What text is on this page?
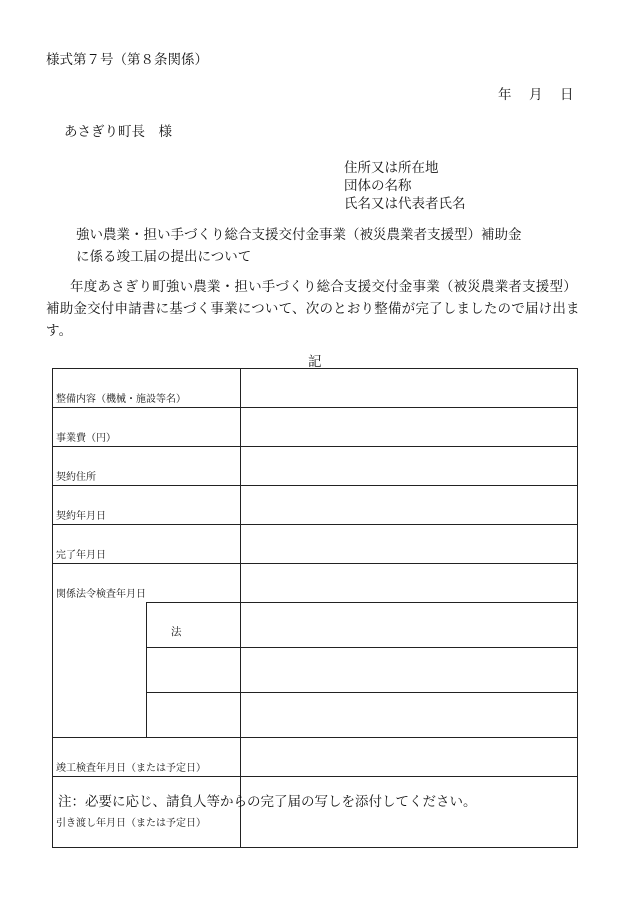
様式第７号（第８条関係）
年　月　日
あさぎり町長　様
住所又は所在地
団体の名称
氏名又は代表者氏名
強い農業・担い手づくり総合支援交付金事業（被災農業者支援型）補助金
に係る竣工届の提出について
年度あさぎり町強い農業・担い手づくり総合支援交付金事業（被災農業者支援型）補助金交付申請書に基づく事業について、次のとおり整備が完了しましたので届け出ます。
記
整備内容（機械・施設等名）		

事業費（円）		

契約住所		

契約年月日		

完了年月日		

関係法令検査年月日		

	法	

竣工検査年月日（または予定日）		

引き渡し年月日（または予定日）		

注：必要に応じ、請負人等からの完了届の写しを添付してください。
